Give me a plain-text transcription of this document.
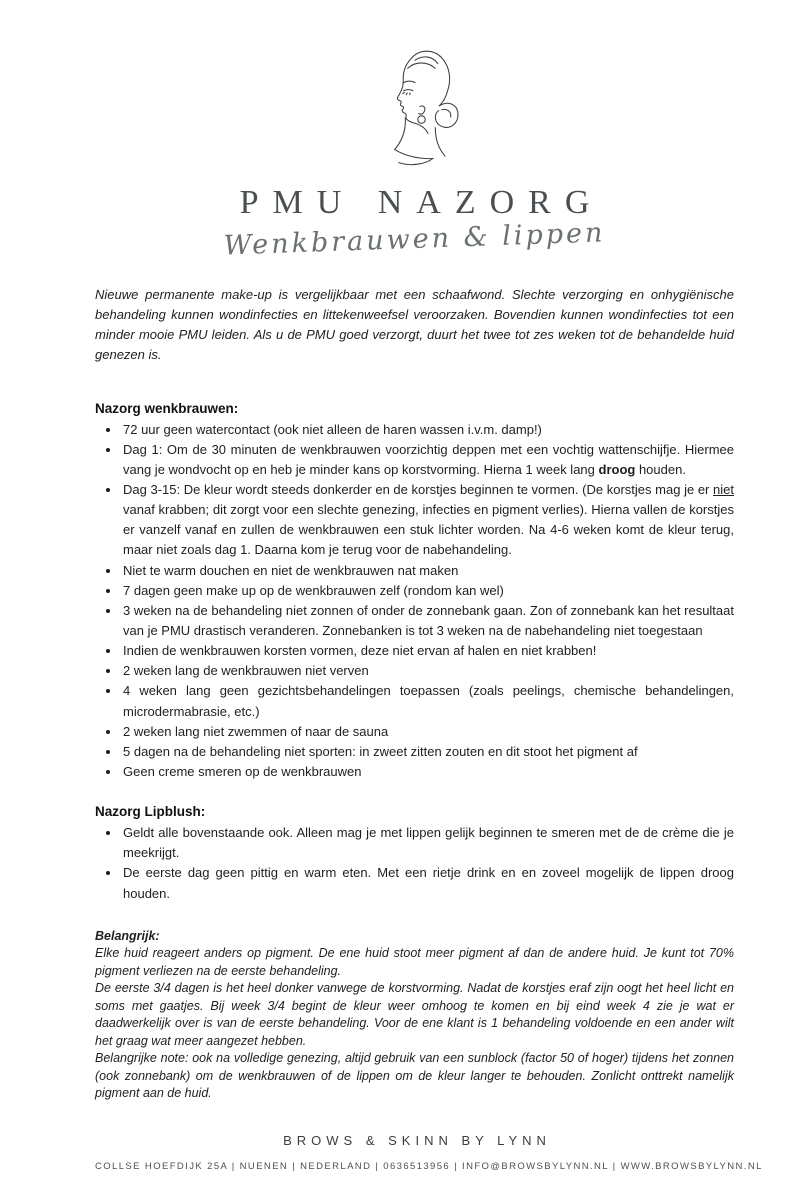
PMU NAZORG
Wenkbrauwen & lippen

Nieuwe permanente make-up is vergelijkbaar met een schaafwond. Slechte verzorging en onhygiënische behandeling kunnen wondinfecties en littekenweefsel veroorzaken. Bovendien kunnen wondinfecties tot een minder mooie PMU leiden. Als u de PMU goed verzorgt, duurt het twee tot zes weken tot de behandelde huid genezen is.

Nazorg wenkbrauwen:

• 72 uur geen watercontact (ook niet alleen de haren wassen i.v.m. damp!)
• Dag 1: Om de 30 minuten de wenkbrauwen voorzichtig deppen met een vochtig wattenschijfje. Hiermee vang je wondvocht op en heb je minder kans op korstvorming. Hierna 1 week lang droog houden.
• Dag 3-15: De kleur wordt steeds donkerder en de korstjes beginnen te vormen. (De korstjes mag je er niet vanaf krabben; dit zorgt voor een slechte genezing, infecties en pigment verlies). Hierna vallen de korstjes er vanzelf vanaf en zullen de wenkbrauwen een stuk lichter worden. Na 4-6 weken komt de kleur terug, maar niet zoals dag 1. Daarna kom je terug voor de nabehandeling.
• Niet te warm douchen en niet de wenkbrauwen nat maken
• 7 dagen geen make up op de wenkbrauwen zelf (rondom kan wel)
• 3 weken na de behandeling niet zonnen of onder de zonnebank gaan. Zon of zonnebank kan het resultaat van je PMU drastisch veranderen. Zonnebanken is tot 3 weken na de nabehandeling niet toegestaan
• Indien de wenkbrauwen korsten vormen, deze niet ervan af halen en niet krabben!
• 2 weken lang de wenkbrauwen niet verven
• 4 weken lang geen gezichtsbehandelingen toepassen (zoals peelings, chemische behandelingen, microdermabrasie, etc.)
• 2 weken lang niet zwemmen of naar de sauna
• 5 dagen na de behandeling niet sporten: in zweet zitten zouten en dit stoot het pigment af
• Geen creme smeren op de wenkbrauwen

Nazorg Lipblush:

• Geldt alle bovenstaande ook. Alleen mag je met lippen gelijk beginnen te smeren met de de crème die je meekrijgt.
• De eerste dag geen pittig en warm eten. Met een rietje drink en en zoveel mogelijk de lippen droog houden.

Belangrijk:

Elke huid reageert anders op pigment. De ene huid stoot meer pigment af dan de andere huid. Je kunt tot 70% pigment verliezen na de eerste behandeling.

De eerste 3/4 dagen is het heel donker vanwege de korstvorming. Nadat de korstjes eraf zijn oogt het heel licht en soms met gaatjes. Bij week 3/4 begint de kleur weer omhoog te komen en bij eind week 4 zie je wat er daadwerkelijk over is van de eerste behandeling. Voor de ene klant is 1 behandeling voldoende en een ander wilt het graag wat meer aangezet hebben.

Belangrijke note: ook na volledige genezing, altijd gebruik van een sunblock (factor 50 of hoger) tijdens het zonnen (ook zonnebank) om de wenkbrauwen of de lippen om de kleur langer te behouden. Zonlicht onttrekt namelijk pigment aan de huid.

BROWS & SKINN BY LYNN
COLLSE HOEFDIJK 25A | NUENEN | NEDERLAND | 0636513956 | INFO@BROWSBYLYNN.NL | WWW.BROWSBYLYNN.NL
